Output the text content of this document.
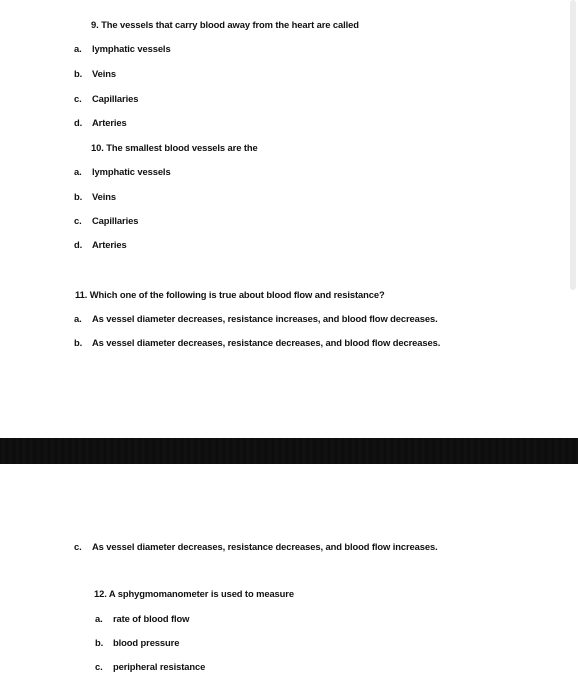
9. The vessels that carry blood away from the heart are called
a. lymphatic vessels
b. Veins
c. Capillaries
d. Arteries
10. The smallest blood vessels are the
a. lymphatic vessels
b. Veins
c. Capillaries
d. Arteries
11. Which one of the following is true about blood flow and resistance?
a. As vessel diameter decreases, resistance increases, and blood flow decreases.
b. As vessel diameter decreases, resistance decreases, and blood flow decreases.
c. As vessel diameter decreases, resistance decreases, and blood flow increases.
12. A sphygmomanometer is used to measure
a. rate of blood flow
b. blood pressure
c. peripheral resistance
